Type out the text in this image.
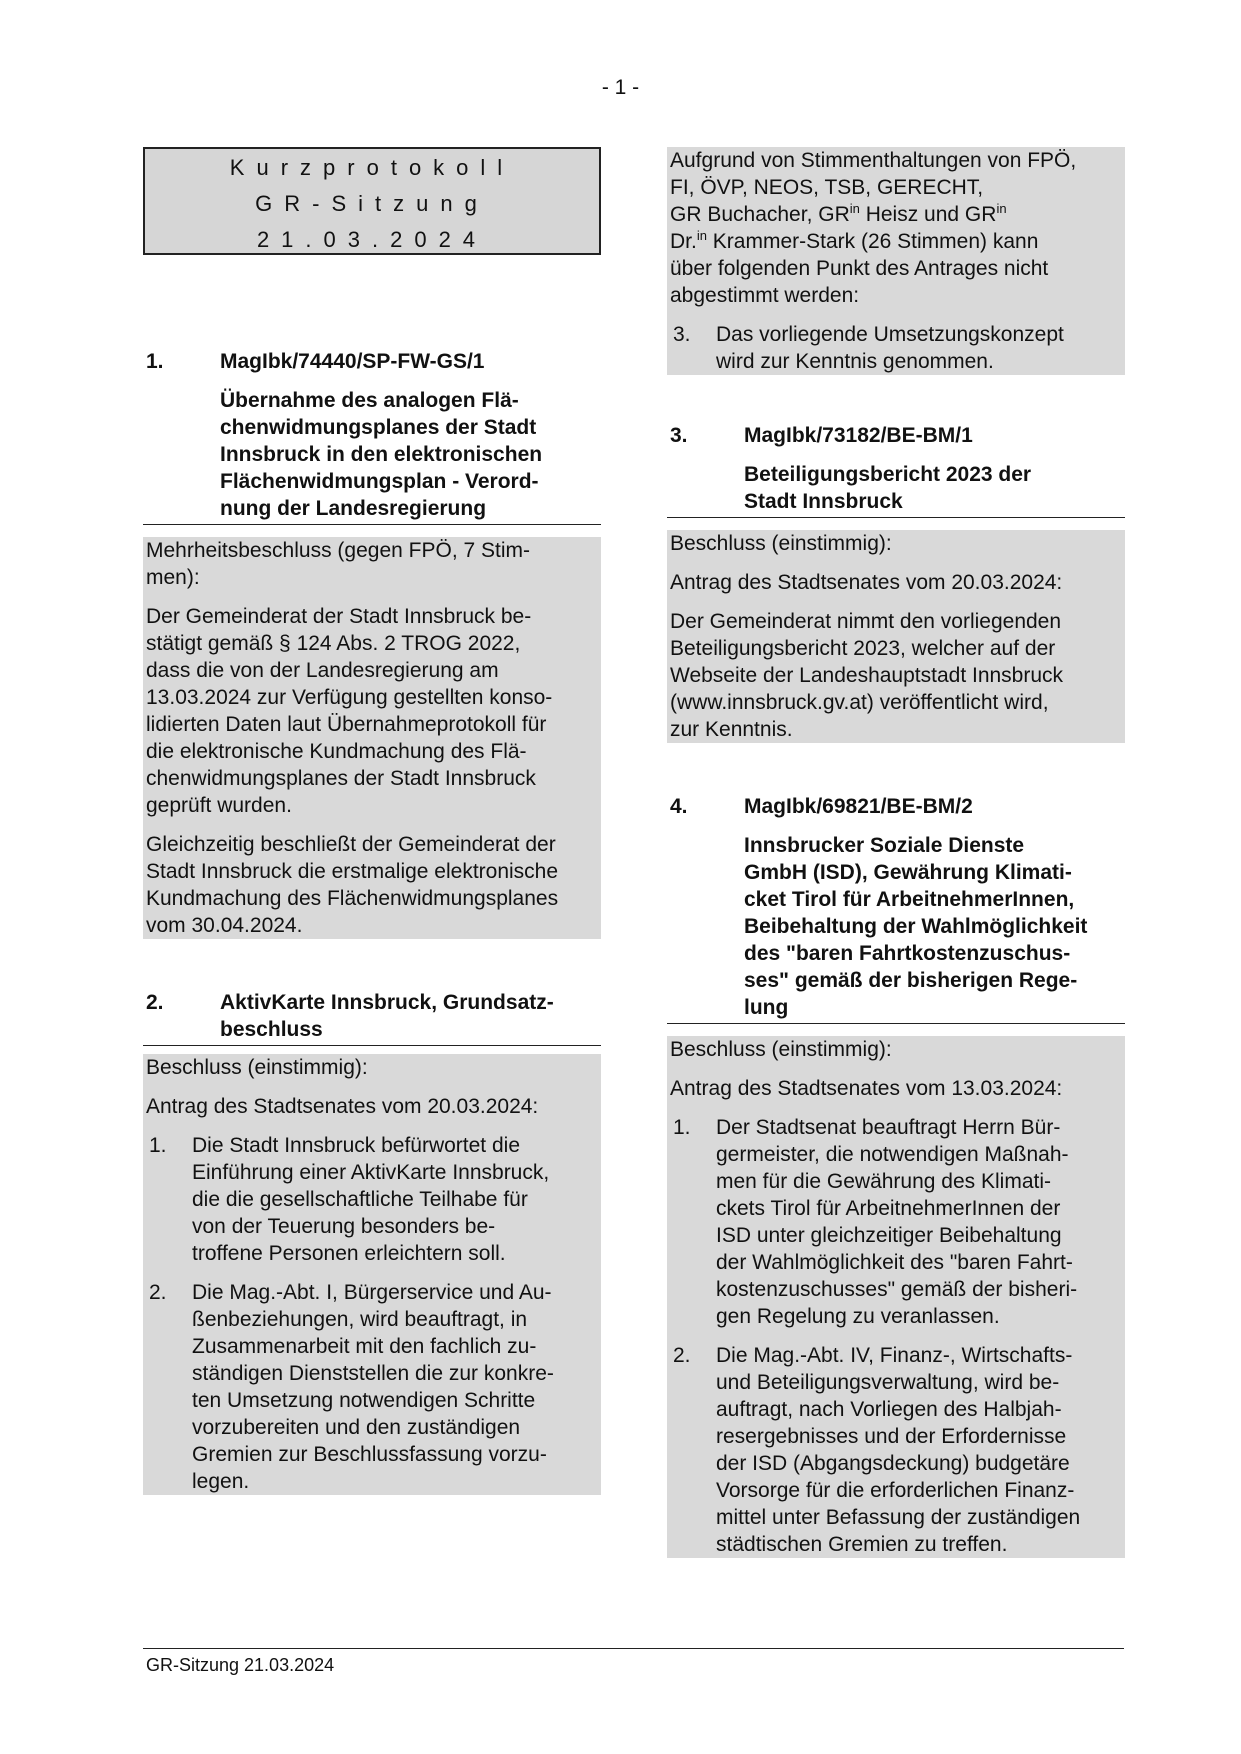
- 1 -
Kurzprotokoll
GR-Sitzung
21.03.2024
1.	MagIbk/74440/SP-FW-GS/1
Übernahme des analogen Flä-
chenwidmungsplanes der Stadt
Innsbruck in den elektronischen
Flächenwidmungsplan - Verord-
nung der Landesregierung

Mehrheitsbeschluss (gegen FPÖ, 7 Stim-
men):

Der Gemeinderat der Stadt Innsbruck be-
stätigt gemäß § 124 Abs. 2 TROG 2022,
dass die von der Landesregierung am
13.03.2024 zur Verfügung gestellten konso-
lidierten Daten laut Übernahmeprotokoll für
die elektronische Kundmachung des Flä-
chenwidmungsplanes der Stadt Innsbruck
geprüft wurden.

Gleichzeitig beschließt der Gemeinderat der
Stadt Innsbruck die erstmalige elektronische
Kundmachung des Flächenwidmungsplanes
vom 30.04.2024.

2.	AktivKarte Innsbruck, Grundsatz-
beschluss

Beschluss (einstimmig):

Antrag des Stadtsenates vom 20.03.2024:

1. Die Stadt Innsbruck befürwortet die
Einführung einer AktivKarte Innsbruck,
die die gesellschaftliche Teilhabe für
von der Teuerung besonders be-
troffene Personen erleichtern soll.
2. Die Mag.-Abt. I, Bürgerservice und Au-
ßenbeziehungen, wird beauftragt, in
Zusammenarbeit mit den fachlich zu-
ständigen Dienststellen die zur konkre-
ten Umsetzung notwendigen Schritte
vorzubereiten und den zuständigen
Gremien zur Beschlussfassung vorzu-
legen.

Aufgrund von Stimmenthaltungen von FPÖ,
FI, ÖVP, NEOS, TSB, GERECHT,
GR Buchacher, $GR^{in}$ Heisz und $GR^{in}$
Dr.$^{in}$ Krammer-Stark (26 Stimmen) kann
über folgenden Punkt des Antrages nicht
abgestimmt werden:

3. Das vorliegende Umsetzungskonzept
wird zur Kenntnis genommen.
3.	MagIbk/73182/BE-BM/1
Beteiligungsbericht 2023 der
Stadt Innsbruck

Beschluss (einstimmig):

Antrag des Stadtsenates vom 20.03.2024:

Der Gemeinderat nimmt den vorliegenden
Beteiligungsbericht 2023, welcher auf der
Webseite der Landeshauptstadt Innsbruck
(www.innsbruck.gv.at) veröffentlicht wird,
zur Kenntnis.

4.	MagIbk/69821/BE-BM/2
Innsbrucker Soziale Dienste
GmbH (ISD), Gewährung Klimati-
cket Tirol für ArbeitnehmerInnen,
Beibehaltung der Wahlmöglichkeit
des "baren Fahrtkostenzuschus-
ses" gemäß der bisherigen Rege-
lung

Beschluss (einstimmig):

Antrag des Stadtsenates vom 13.03.2024:

1. Der Stadtsenat beauftragt Herrn Bür-
germeister, die notwendigen Maßnah-
men für die Gewährung des Klimati-
ckets Tirol für ArbeitnehmerInnen der
ISD unter gleichzeitiger Beibehaltung
der Wahlmöglichkeit des "baren Fahrt-
kostenzuschusses" gemäß der bisheri-
gen Regelung zu veranlassen.
2. Die Mag.-Abt. IV, Finanz-, Wirtschafts-
und Beteiligungsverwaltung, wird be-
auftragt, nach Vorliegen des Halbjah-
resergebnisses und der Erfordernisse
der ISD (Abgangsdeckung) budgetäre
Vorsorge für die erforderlichen Finanz-
mittel unter Befassung der zuständigen
städtischen Gremien zu treffen.
GR-Sitzung 21.03.2024
